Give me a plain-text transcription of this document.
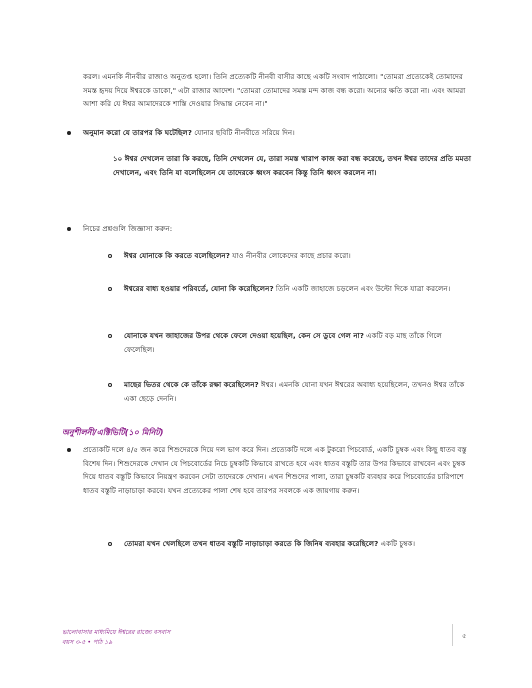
করল। এমনকি নীনবীর রাজাও অনুতপ্ত হলো। তিনি প্রত্যেকটি নীনবী বাসীর কাছে একটি সংবাদ পাঠালো। "তোমরা প্রত্যেকেই তোমাদের সমস্ত হৃদয় দিয়ে ঈশ্বরকে ডাকো," এটা রাজার আদেশ। "তোমরা তোমাদের সমস্ত মন্দ কাজ বন্ধ করো। অন্যের ক্ষতি করো না। এবং আমরা আশা করি যে ঈশ্বর আমাদেরকে শাস্তি দেওয়ার সিদ্ধান্ত নেবেন না।"

অনুমান করো যে তারপর কি ঘটেছিল? যোনার ছবিটি নীনবীতে সরিয়ে দিন।

১০ ঈশ্বর দেখলেন তারা কি করছে, তিনি দেখলেন যে, তারা সমস্ত খারাপ কাজ করা বন্ধ করেছে, তখন ঈশ্বর তাদের প্রতি মমতা দেখালেন, এবং তিনি যা বলেছিলেন যে তাদেরকে ধ্বংস করবেন কিন্তু তিনি ধ্বংস করলেন না।

নিচের প্রশ্নগুলি জিজ্ঞাসা করুন:

ঈশ্বর যোনাকে কি করতে বলেছিলেন? যাও নীনবীর লোকেদের কাছে প্রচার করো।

ঈশ্বরের বাধ্য হওয়ার পরিবর্তে, যোনা কি করেছিলেন? তিনি একটি জাহাজে চড়লেন এবং উল্টো দিকে যাত্রা করলেন।

যোনাকে যখন জাহাজের উপর থেকে ফেলে দেওয়া হয়েছিল, কেন সে ডুবে গেল না? একটি বড় মাছ তাঁকে গিলে ফেলেছিল।

মাছের ভিতর থেকে কে তাঁকে রক্ষা করেছিলেন? ঈশ্বর। এমনকি যোনা যখন ঈশ্বরের অবাধ্য হয়েছিলেন, তখনও ঈশ্বর তাঁকে একা ছেড়ে দেননি।

অনুশীলনী/এক্টিভিটি(১০ মিনিট)

প্রত্যেকটি দলে ৪/৫ জন করে শিশুদেরকে দিয়ে দল ভাগ করে দিন। প্রত্যেকটি দলে এক টুকরো পিচবোর্ড, একটি চুম্বক এবং কিছু ধাতব বস্তু বিশেষ দিন। শিশুদেরকে দেখান যে পিচবোর্ডের নিচে চুম্বকটি কিভাবে রাখতে হবে এবং ধাতব বস্তুটি তার উপর কিভাবে রাখবেন এবং চুম্বক দিয়ে ধাতব বস্তুটি কিভাবে নিয়ন্ত্রণ করবেন সেটা তাদেরকে দেখান। এখন শিশুদের পালা, তারা চুম্বকটি ব্যবহার করে পিচবোর্ডের চারিপাশে ধাতব বস্তুটি নাড়াচাড়া করবে। যখন প্রত্যেকের পালা শেষ হবে তারপর সবলকে এক জায়গায় করুন।

তোমরা যখন খেলছিলে তখন ধাতব বস্তুটি নাড়াচাড়া করতে কি জিনিষ ব্যবহার করেছিলে? একটি চুম্বক।

ভালোবাসার মাধ্যমিয়ে ঈশ্বরের রাজ্যে বসবাস
বয়স ৩-৫ • পাঠ ১৯
৫
